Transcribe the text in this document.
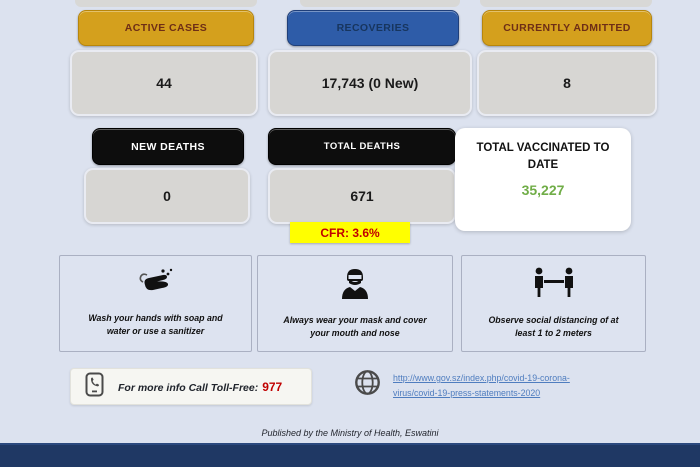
ACTIVE CASES	RECOVERIES	CURRENTLY ADMITTED
44	17,743 (0 New)	8
NEW DEATHS	TOTAL DEATHS
0	671
CFR: 3.6%
TOTAL VACCINATED TO DATE
35,227
Wash your hands with soap and water or use a sanitizer
Always wear your mask and cover your mouth and nose
Observe social distancing of at least 1 to 2 meters
For more info Call Toll-Free: 977
http://www.gov.sz/index.php/covid-19-corona-
virus/covid-19-press-statements-2020
Published by the Ministry of Health, Eswatini
